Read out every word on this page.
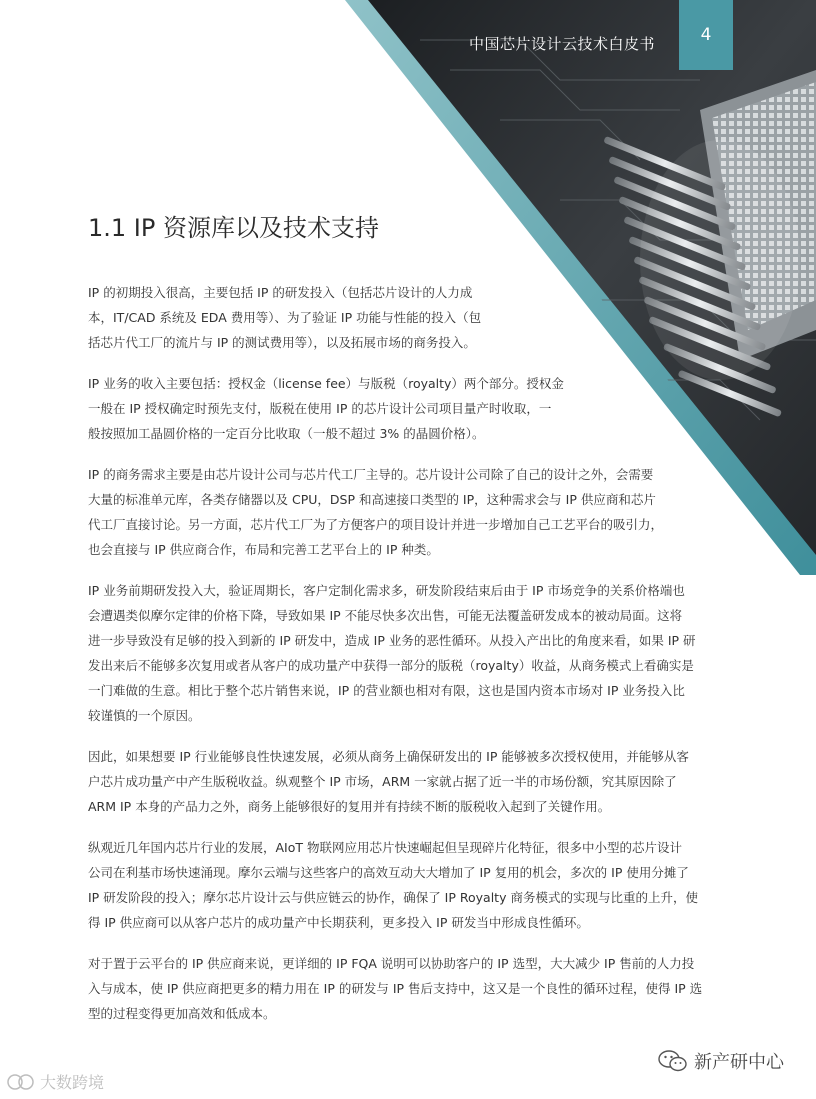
中国芯片设计云技术白皮书	4
1.1 IP 资源库以及技术支持

IP 的初期投入很高，主要包括 IP 的研发投入（包括芯片设计的人力成
本，IT/CAD 系统及 EDA 费用等）、为了验证 IP 功能与性能的投入（包
括芯片代工厂的流片与 IP 的测试费用等），以及拓展市场的商务投入。

IP 业务的收入主要包括：授权金（license fee）与版税（royalty）两个部分。授权金
一般在 IP 授权确定时预先支付，版税在使用 IP 的芯片设计公司项目量产时收取，一
般按照加工晶圆价格的一定百分比收取（一般不超过 3% 的晶圆价格）。

IP 的商务需求主要是由芯片设计公司与芯片代工厂主导的。芯片设计公司除了自己的设计之外，会需要
大量的标准单元库，各类存储器以及 CPU，DSP 和高速接口类型的 IP，这种需求会与 IP 供应商和芯片
代工厂直接讨论。另一方面，芯片代工厂为了方便客户的项目设计并进一步增加自己工艺平台的吸引力，
也会直接与 IP 供应商合作，布局和完善工艺平台上的 IP 种类。

IP 业务前期研发投入大，验证周期长，客户定制化需求多，研发阶段结束后由于 IP 市场竞争的关系价格端也
会遭遇类似摩尔定律的价格下降，导致如果 IP 不能尽快多次出售，可能无法覆盖研发成本的被动局面。这将
进一步导致没有足够的投入到新的 IP 研发中，造成 IP 业务的恶性循环。从投入产出比的角度来看，如果 IP 研
发出来后不能够多次复用或者从客户的成功量产中获得一部分的版税（royalty）收益，从商务模式上看确实是
一门难做的生意。相比于整个芯片销售来说，IP 的营业额也相对有限，这也是国内资本市场对 IP 业务投入比
较谨慎的一个原因。

因此，如果想要 IP 行业能够良性快速发展，必须从商务上确保研发出的 IP 能够被多次授权使用，并能够从客
户芯片成功量产中产生版税收益。纵观整个 IP 市场，ARM 一家就占据了近一半的市场份额，究其原因除了
ARM IP 本身的产品力之外，商务上能够很好的复用并有持续不断的版税收入起到了关键作用。

纵观近几年国内芯片行业的发展，AIoT 物联网应用芯片快速崛起但呈现碎片化特征，很多中小型的芯片设计
公司在利基市场快速涌现。摩尔云端与这些客户的高效互动大大增加了 IP 复用的机会，多次的 IP 使用分摊了
IP 研发阶段的投入；摩尔芯片设计云与供应链云的协作，确保了 IP Royalty 商务模式的实现与比重的上升，使
得 IP 供应商可以从客户芯片的成功量产中长期获利，更多投入 IP 研发当中形成良性循环。

对于置于云平台的 IP 供应商来说，更详细的 IP FQA 说明可以协助客户的 IP 选型，大大减少 IP 售前的人力投
入与成本，使 IP 供应商把更多的精力用在 IP 的研发与 IP 售后支持中，这又是一个良性的循环过程，使得 IP 选
型的过程变得更加高效和低成本。

大数跨境
新产研中心
